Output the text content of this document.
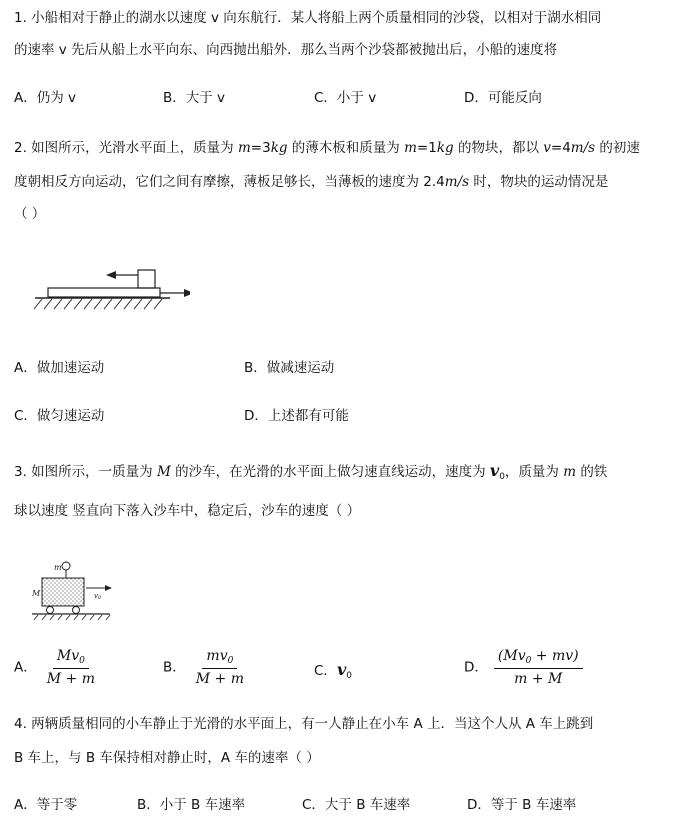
1. 小船相对于静止的湖水以速度 v 向东航行．某人将船上两个质量相同的沙袋，以相对于湖水相同
的速率 v 先后从船上水平向东、向西抛出船外．那么当两个沙袋都被抛出后，小船的速度将
A．仍为 v	B．大于 v	C．小于 v	D．可能反向
2. 如图所示，光滑水平面上，质量为 m=3kg 的薄木板和质量为 m=1kg 的物块，都以 v=4m/s 的初速
度朝相反方向运动，它们之间有摩擦，薄板足够长，当薄板的速度为 2.4m/s 时，物块的运动情况是
（ ）
A．做加速运动	B．做减速运动
C．做匀速运动	D．上述都有可能
3. 如图所示，一质量为 M 的沙车，在光滑的水平面上做匀速直线运动，速度为 $v_0$，质量为 m 的铁
球以速度 竖直向下落入沙车中，稳定后，沙车的速度（ ）
m
M	v0
A． $\frac{Mv_0}{M + m}$	B． $\frac{mv_0}{M + m}$	C．$v_0$
D． $\frac{(Mv_0 + mv)}{m + M}$
4. 两辆质量相同的小车静止于光滑的水平面上，有一人静止在小车 A 上．当这个人从 A 车上跳到
B 车上，与 B 车保持相对静止时，A 车的速率（ ）
A．等于零	B．小于 B 车速率	C．大于 B 车速率	D．等于 B 车速率
